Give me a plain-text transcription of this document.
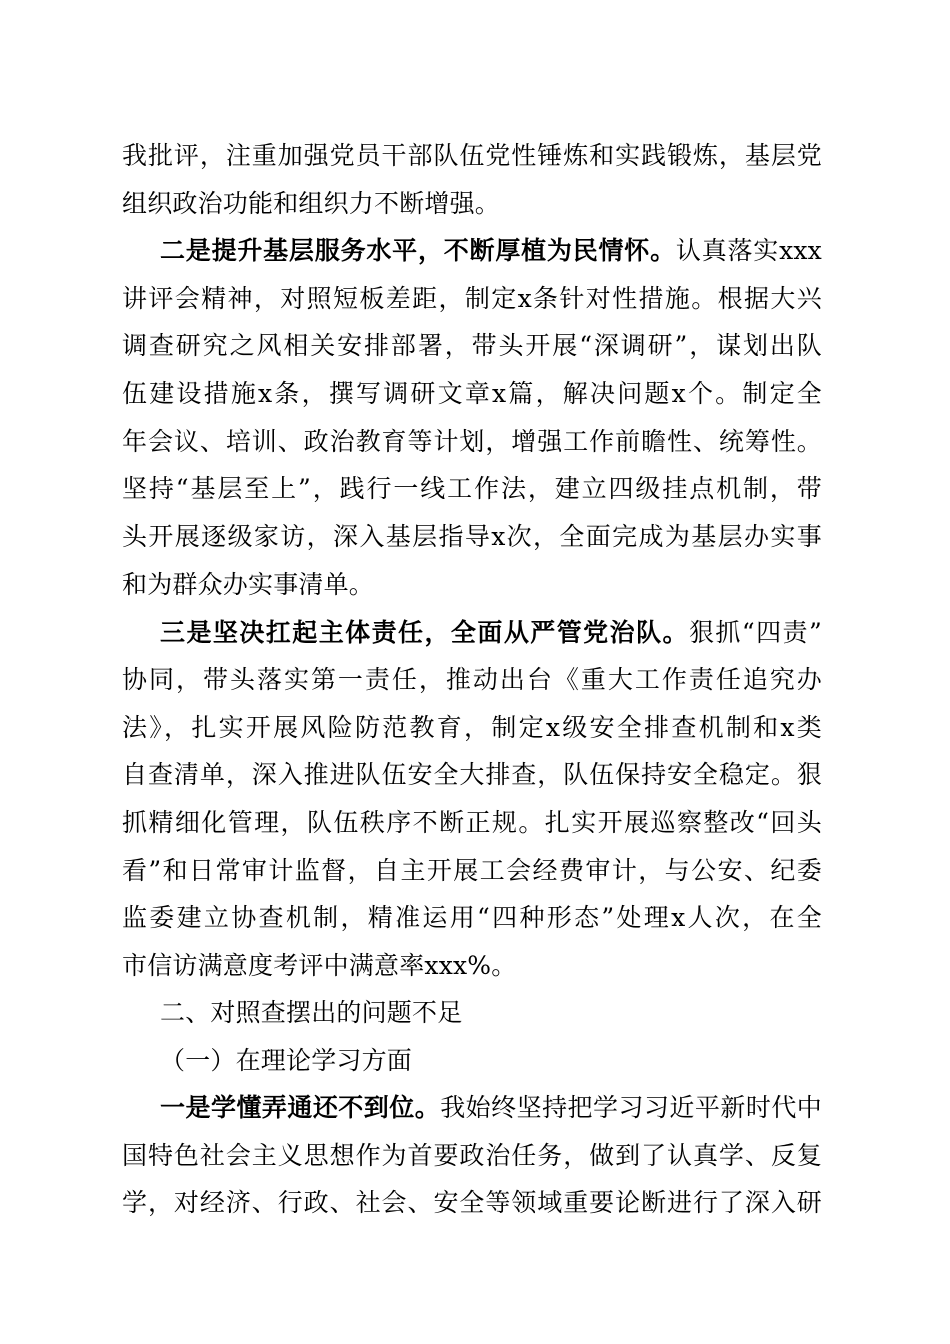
我批评，注重加强党员干部队伍党性锤炼和实践锻炼，基层党
组织政治功能和组织力不断增强。
二是提升基层服务水平，不断厚植为民情怀。认真落实xxx
讲评会精神，对照短板差距，制定x条针对性措施。根据大兴
调查研究之风相关安排部署，带头开展“深调研”，谋划出队
伍建设措施x条，撰写调研文章x篇，解决问题x个。制定全
年会议、培训、政治教育等计划，增强工作前瞻性、统筹性。
坚持“基层至上”，践行一线工作法，建立四级挂点机制，带
头开展逐级家访，深入基层指导x次，全面完成为基层办实事
和为群众办实事清单。
三是坚决扛起主体责任，全面从严管党治队。狠抓“四责”
协同，带头落实第一责任，推动出台《重大工作责任追究办
法》，扎实开展风险防范教育，制定x级安全排查机制和x类
自查清单，深入推进队伍安全大排查，队伍保持安全稳定。狠
抓精细化管理，队伍秩序不断正规。扎实开展巡察整改“回头
看”和日常审计监督，自主开展工会经费审计，与公安、纪委
监委建立协查机制，精准运用“四种形态”处理x人次，在全
市信访满意度考评中满意率xxx%。
二、对照查摆出的问题不足
（一）在理论学习方面
一是学懂弄通还不到位。我始终坚持把学习习近平新时代中
国特色社会主义思想作为首要政治任务，做到了认真学、反复
学，对经济、行政、社会、安全等领域重要论断进行了深入研
